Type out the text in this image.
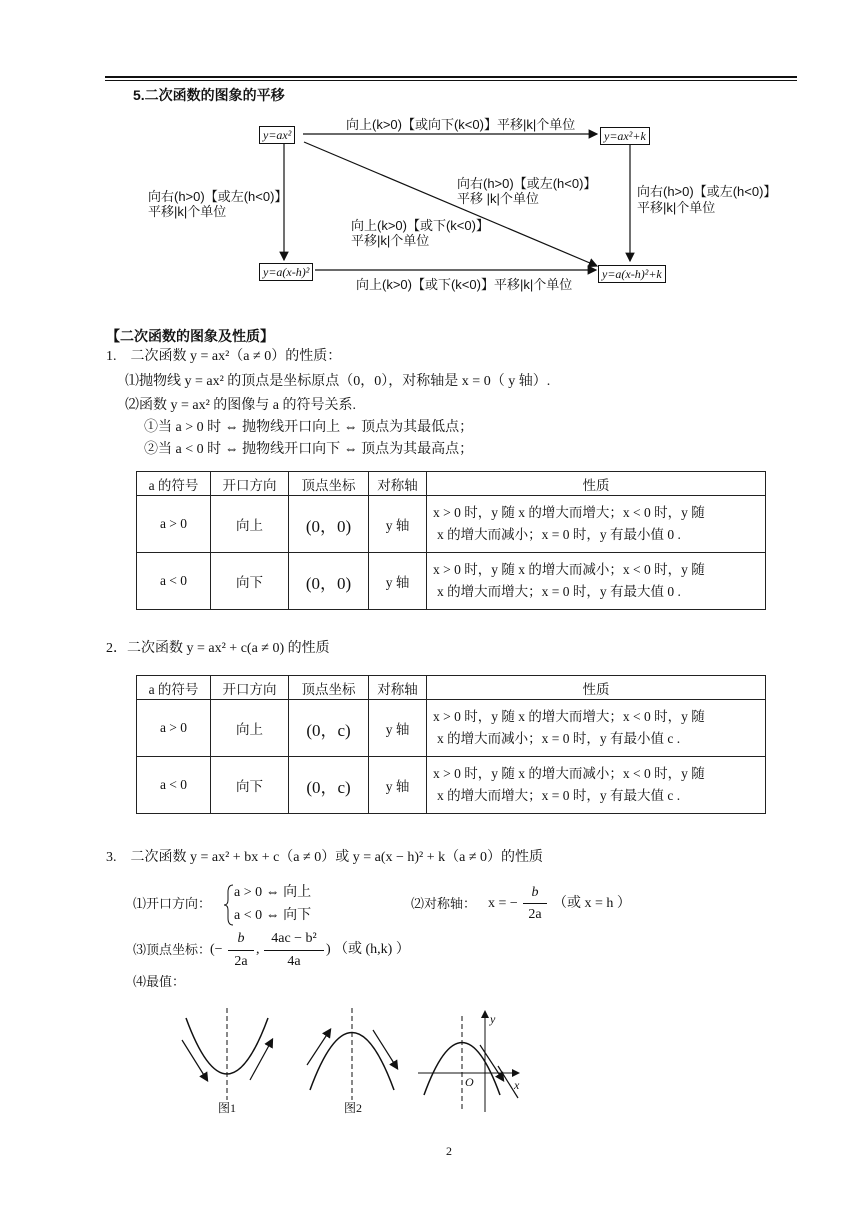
5.二次函数的图象的平移
y=ax²	y=ax²+k
y=a(x-h)²	y=a(x-h)²+k
向上(k>0)【或向下(k<0)】平移|k|个单位
向右(h>0)【或左(h<0)】
平移|k|个单位
向右(h>0)【或左(h<0)】
平移|k|个单位
向右(h>0)【或左(h<0)】
平移 |k|个单位
向上(k>0)【或下(k<0)】
平移|k|个单位
向上(k>0)【或下(k<0)】平移|k|个单位
【二次函数的图象及性质】
1.　二次函数 y = ax²（a ≠ 0）的性质：
⑴抛物线 y = ax² 的顶点是坐标原点（0，0），对称轴是 x = 0（ y 轴）.
⑵函数 y = ax² 的图像与 a 的符号关系.
①当 a > 0 时 ⇔ 抛物线开口向上 ⇔ 顶点为其最低点；
②当 a < 0 时 ⇔ 抛物线开口向下 ⇔ 顶点为其最高点；
a 的符号	开口方向	顶点坐标	对称轴	性质
a > 0	向上	(0，0)	y 轴	x > 0 时，y 随 x 的增大而增大；x < 0 时，y 随
x 的增大而减小；x = 0 时，y 有最小值 0 .

a < 0	向下	(0，0)	y 轴	x > 0 时，y 随 x 的增大而减小；x < 0 时，y 随
x 的增大而增大；x = 0 时，y 有最大值 0 .
2．二次函数 y = ax² + c(a ≠ 0) 的性质
a 的符号	开口方向	顶点坐标	对称轴	性质
a > 0	向上	(0，c)	y 轴	x > 0 时，y 随 x 的增大而增大；x < 0 时，y 随
x 的增大而减小；x = 0 时，y 有最小值 c .

a < 0	向下	(0，c)	y 轴	x > 0 时，y 随 x 的增大而减小；x < 0 时，y 随
x 的增大而增大；x = 0 时，y 有最大值 c .
3.　二次函数 y = ax² + bx + c（a ≠ 0）或 y = a(x − h)² + k（a ≠ 0）的性质
⑴开口方向：
a > 0 ⇔ 向上
a < 0 ⇔ 向下
⑵对称轴： x = −
b
2a
（或 x = h ）
⑶顶点坐标：
(−
b
2a
,
4ac − b²
4a
) （或 (h,k) ）
⑷最值：
图1	图2
y
x
O
2
